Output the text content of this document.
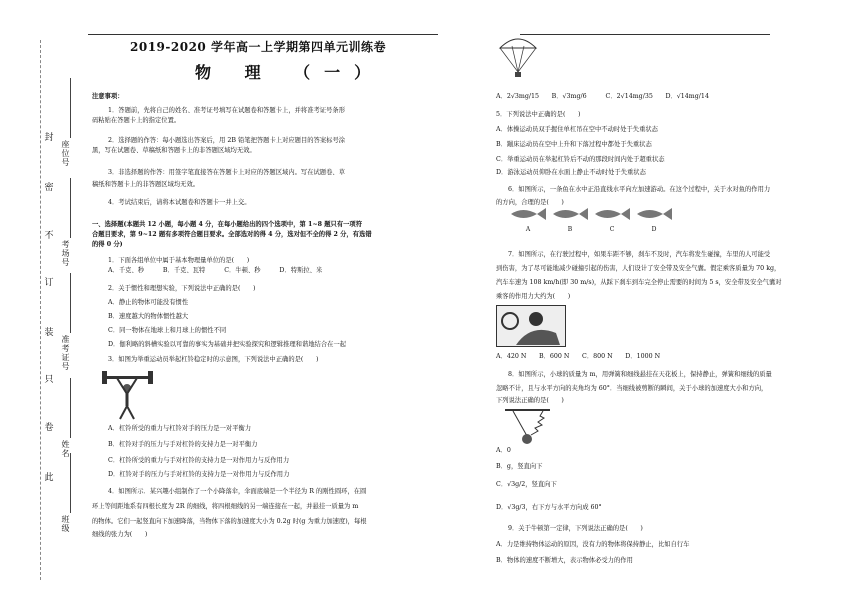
封
密
不
订
装
只
卷
此
班级
姓名
准考证号
考场号
座位号
2019-2020 学年高一上学期第四单元训练卷
物 理 （一）
注意事项：
1．答题前，先将自己的姓名、准考证号填写在试题卷和答题卡上，并将准考证号条形
码粘贴在答题卡上的指定位置。
2．选择题的作答：每小题选出答案后，用 2B 铅笔把答题卡上对应题目的答案标号涂
黑，写在试题卷、草稿纸和答题卡上的非答题区域均无效。
3．非选择题的作答：用签字笔直接答在答题卡上对应的答题区域内。写在试题卷、草
稿纸和答题卡上的非答题区域均无效。
4．考试结束后，请将本试题卷和答题卡一并上交。
一、选择题(本题共 12 小题，每小题 4 分，在每小题给出的四个选项中，第 1~8 题只有一项符
合题目要求，第 9~12 题有多项符合题目要求。全部选对的得 4 分，选对但不全的得 2 分，有选错
的得 0 分)
1．下面各组单位中属于基本物理量单位的是(　　)
A．千克、秒　　　B．千克、瓦特　　　C．牛顿、秒　　　D．特斯拉、米
2．关于惯性和理想实验，下列说法中正确的是(　　)
A．静止的物体可能没有惯性
B．速度越大的物体惯性越大
C．同一物体在地球上和月球上的惯性不同
D．伽利略的斜槽实验以可靠的事实为基础并把实验探究和逻辑推理和谐地结合在一起
3．如图为举重运动员举起杠铃稳定时的示意图，下列说法中正确的是(　　)
A．杠铃所受的重力与杠铃对手的压力是一对平衡力
B．杠铃对手的压力与手对杠铃的支持力是一对平衡力
C．杠铃所受的重力与手对杠铃的支持力是一对作用力与反作用力
D．杠铃对手的压力与手对杠铃的支持力是一对作用力与反作用力
4．如图所示．某兴趣小组制作了一个小降落伞，伞面底端是一个半径为 R 的刚性圆环，在圆
环上等间距地系有四根长度为 2R 的细线，将四根细线的另一端连接在一起，并悬挂一质量为 m
的物体。它们一起竖直向下加速降落，当物体下落的加速度大小为 0.2g 时(g 为重力加速度)，每根
细线的张力为(　　)
A．2√3mg/15　　B．√3mg/6　　　C．2√14mg/35　　D．√14mg/14
5．下列说法中正确的是(　　)
A．体操运动员双手握住单杠吊在空中不动时处于失重状态
B．蹦床运动员在空中上升和下落过程中都处于失重状态
C．举重运动员在举起杠铃后不动的那段时间内处于超重状态
D．游泳运动员仰卧在水面上静止不动时处于失重状态
6．如图所示，一条鱼在水中正沿直线水平向左加速游动。在这个过程中，关于水对鱼的作用力
的方向，合理的是(　　)
7．如图所示，在行驶过程中，如果车距不够，刹车不及时，汽车将发生碰撞，车里的人可能受
到伤害，为了尽可能地减少碰撞引起的伤害，人们设计了安全带及安全气囊。假定乘客质量为 70 kg，
汽车车速为 108 km/h(即 30 m/s)，从踩下刹车到车完全停止需要的时间为 5 s，安全带及安全气囊对
乘客的作用力大约为(　　)
A．420 N　　B．600 N　　C．800 N　　D．1000 N
8．如图所示，小球的质量为 m，用弹簧和细线悬挂在天花板上，保持静止，弹簧和细线的质量
忽略不计，且与水平方向的夹角均为 60°．当细线被剪断的瞬间，关于小球的加速度大小和方向，
下列说法正确的是(　　)
A．0
B．g，竖直向下
C．√3g/2，竖直向下
D．√3g/3，右下方与水平方向成 60°
9．关于牛顿第一定律，下列说法正确的是(　　)
A．力是维持物体运动的原因，没有力的物体将保持静止，比如自行车
B．物体的速度不断增大，表示物体必受力的作用
A	B	C	D
